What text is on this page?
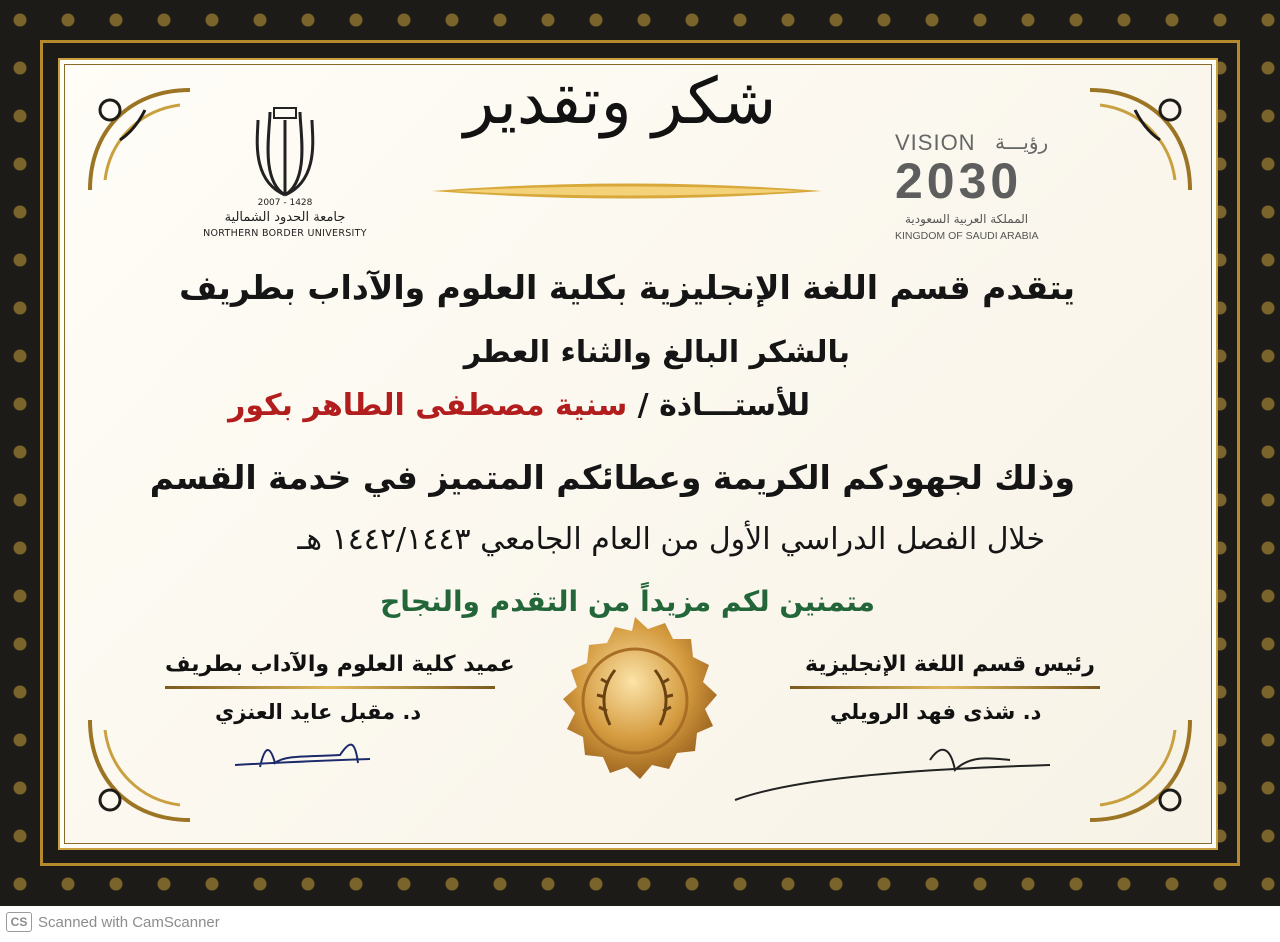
2007 - 1428
جامعة الحدود الشمالية
NORTHERN BORDER UNIVERSITY
VISION رؤيـــة
2030
المملكة العربية السعودية
KINGDOM OF SAUDI ARABIA
شكر وتقدير
يتقدم قسم اللغة الإنجليزية بكلية العلوم والآداب بطريف
بالشكر البالغ والثناء العطر
للأستـــاذة / سنية مصطفى الطاهر بكور
وذلك لجهودكم الكريمة وعطائكم المتميز في خدمة القسم
خلال الفصل الدراسي الأول من العام الجامعي ١٤٤٢/١٤٤٣ هـ
متمنين لكم مزيداً من التقدم والنجاح
عميد كلية العلوم والآداب بطريف
د. مقبل عايد العنزي
رئيس قسم اللغة الإنجليزية
د. شذى فهد الرويلي
CS Scanned with CamScanner
